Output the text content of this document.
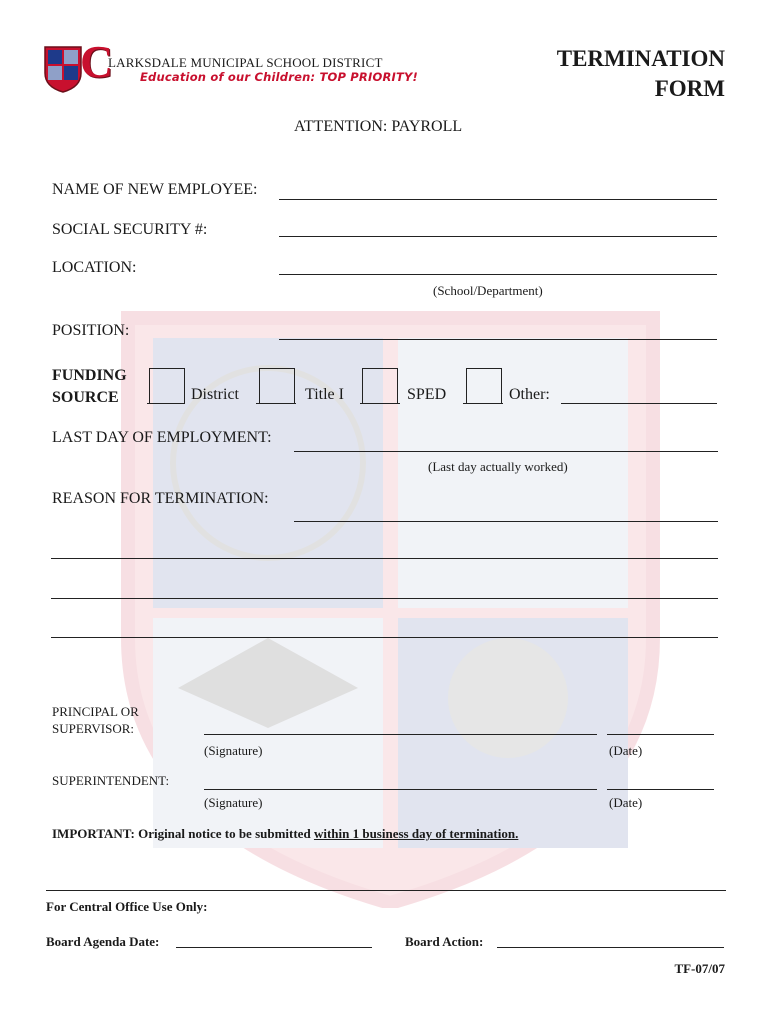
C
LARKSDALE MUNICIPAL SCHOOL DISTRICT
Education of our Children: TOP PRIORITY!
TERMINATION
FORM
ATTENTION: PAYROLL
NAME OF NEW EMPLOYEE:
SOCIAL SECURITY #:
LOCATION:
(School/Department)
POSITION:
FUNDING
SOURCE	District	Title I	SPED	Other:
LAST DAY OF EMPLOYMENT:
(Last day actually worked)
REASON FOR TERMINATION:
PRINCIPAL OR
SUPERVISOR:
(Signature)	(Date)
SUPERINTENDENT:
(Signature)	(Date)
IMPORTANT: Original notice to be submitted within 1 business day of termination.
For Central Office Use Only:
Board Agenda Date:	Board Action:
TF-07/07
